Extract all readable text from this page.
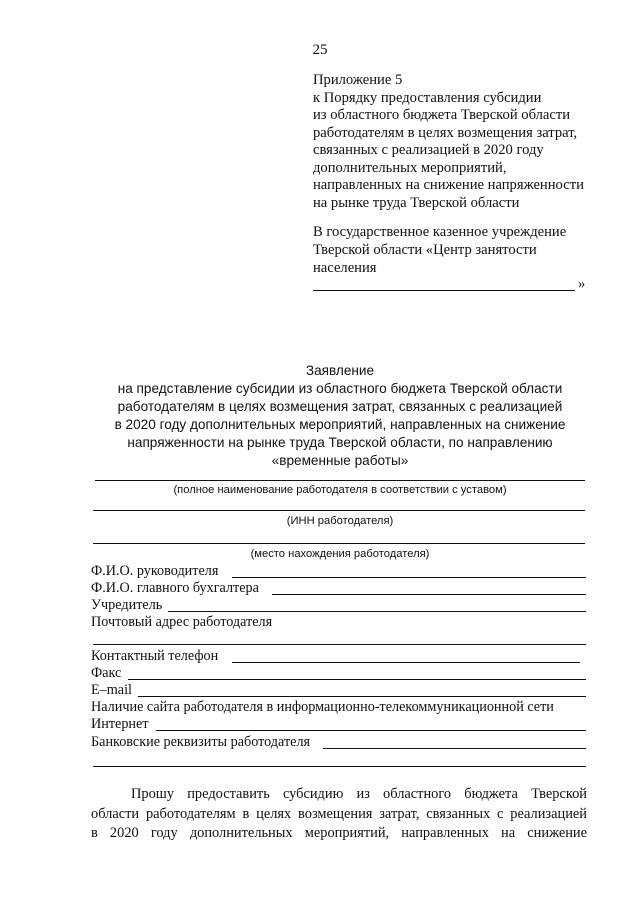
25
Приложение 5
к Порядку предоставления субсидии
из областного бюджета Тверской области
работодателям в целях возмещения затрат,
связанных с реализацией в 2020 году
дополнительных мероприятий,
направленных на снижение напряженности
на рынке труда Тверской области
В государственное казенное учреждение
Тверской области «Центр занятости
населения
»
Заявление
на представление субсидии из областного бюджета Тверской области
работодателям в целях возмещения затрат, связанных с реализацией
в 2020 году дополнительных мероприятий, направленных на снижение
напряженности на рынке труда Тверской области, по направлению
«временные работы»
(полное наименование работодателя в соответствии с уставом)
(ИНН работодателя)
(место нахождения работодателя)
Ф.И.О. руководителя
Ф.И.О. главного бухгалтера
Учредитель
Почтовый адрес работодателя
Контактный телефон
Факс
E–mail
Наличие сайта работодателя в информационно-телекоммуникационной сети
Интернет
Банковские реквизиты работодателя
Прошу предоставить субсидию из областного бюджета Тверской
области работодателям в целях возмещения затрат, связанных с реализацией
в 2020 году дополнительных мероприятий, направленных на снижение
